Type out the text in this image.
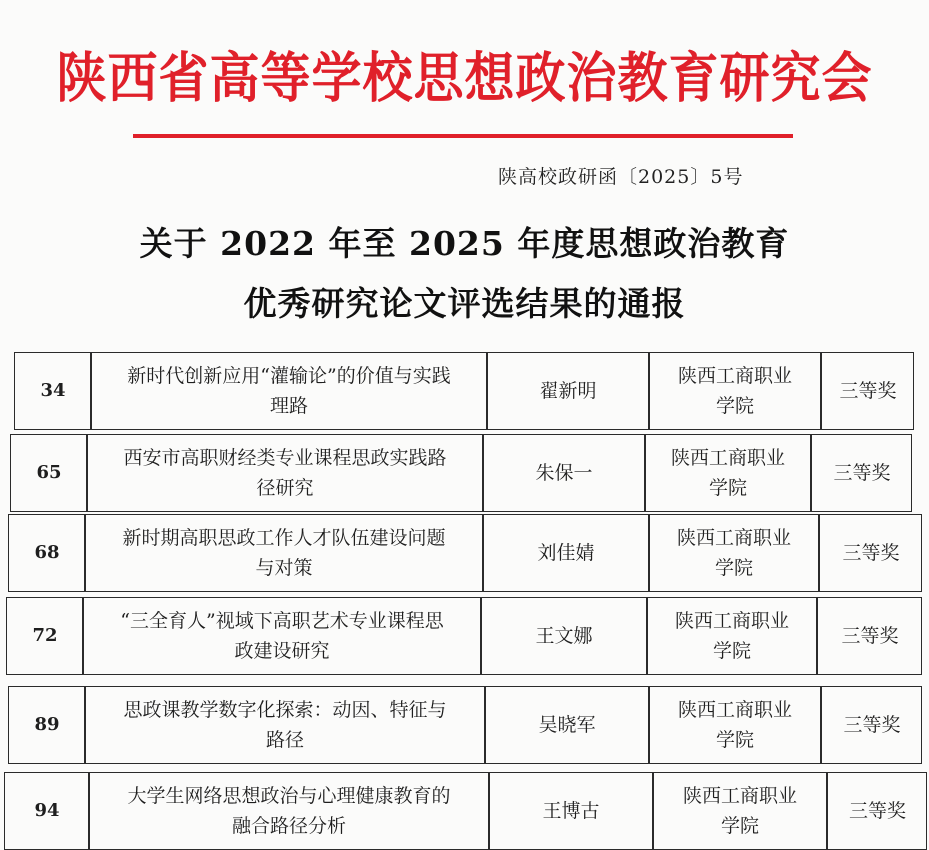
陕西省高等学校思想政治教育研究会
陕高校政研函〔2025〕5号
关于 2022 年至 2025 年度思想政治教育
优秀研究论文评选结果的通报
34
新时代创新应用“灌输论”的价值与实践
理路
翟新明
陕西工商职业
学院
三等奖
65
西安市高职财经类专业课程思政实践路
径研究
朱保一
陕西工商职业
学院
三等奖
68
新时期高职思政工作人才队伍建设问题
与对策
刘佳婧
陕西工商职业
学院
三等奖
72
“三全育人”视域下高职艺术专业课程思
政建设研究
王文娜
陕西工商职业
学院
三等奖
89
思政课教学数字化探索：动因、特征与
路径
吴晓军
陕西工商职业
学院
三等奖
94
大学生网络思想政治与心理健康教育的
融合路径分析
王博古
陕西工商职业
学院
三等奖
